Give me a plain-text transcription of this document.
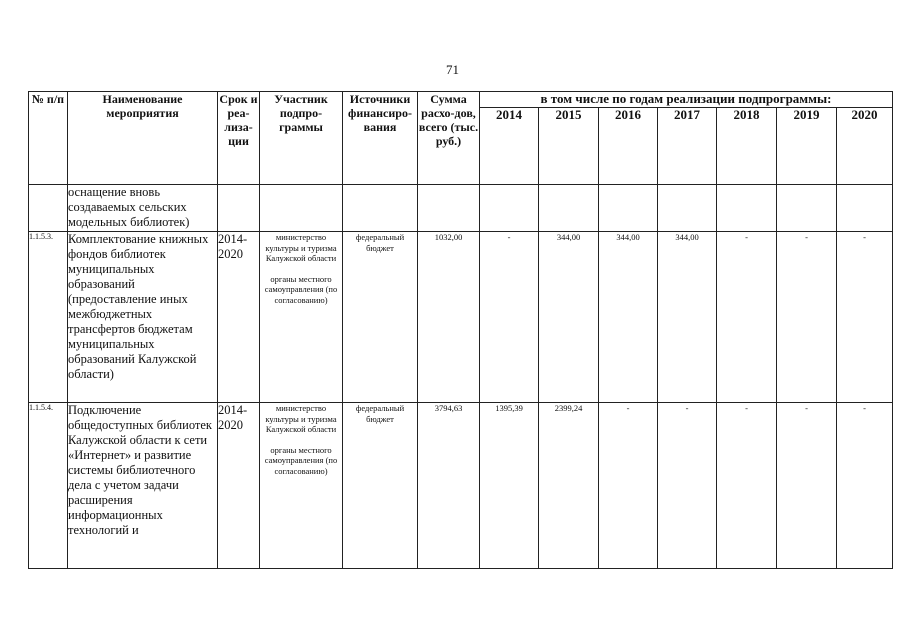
71
№ п/п	Наименование мероприятия	Срок и реа-лиза-ции	Участник подпро-граммы	Источники финансиро-вания	Сумма расхо-дов, всего (тыс. руб.)	в том числе по годам реализации подпрограммы:						
						2014	2015	2016	2017	2018	2019	2020
	оснащение вновь создаваемых сельских модельных библиотек)											
1.1.5.3.	Комплектование книжных фондов библиотек муниципальных образований (предоставление иных межбюджетных трансфертов бюджетам муниципальных образований Калужской области)	2014-2020	министерство культуры и туризма Калужской области
органы местного самоуправления (по согласованию)	федеральный бюджет	1032,00	-	344,00	344,00	344,00	-	-	-
1.1.5.4.	Подключение общедоступных библиотек Калужской области к сети «Интернет» и развитие системы библиотечного дела с учетом задачи расширения информационных технологий и	2014-2020	министерство культуры и туризма Калужской области
органы местного самоуправления (по согласованию)	федеральный бюджет	3794,63	1395,39	2399,24	-	-	-	-	-
